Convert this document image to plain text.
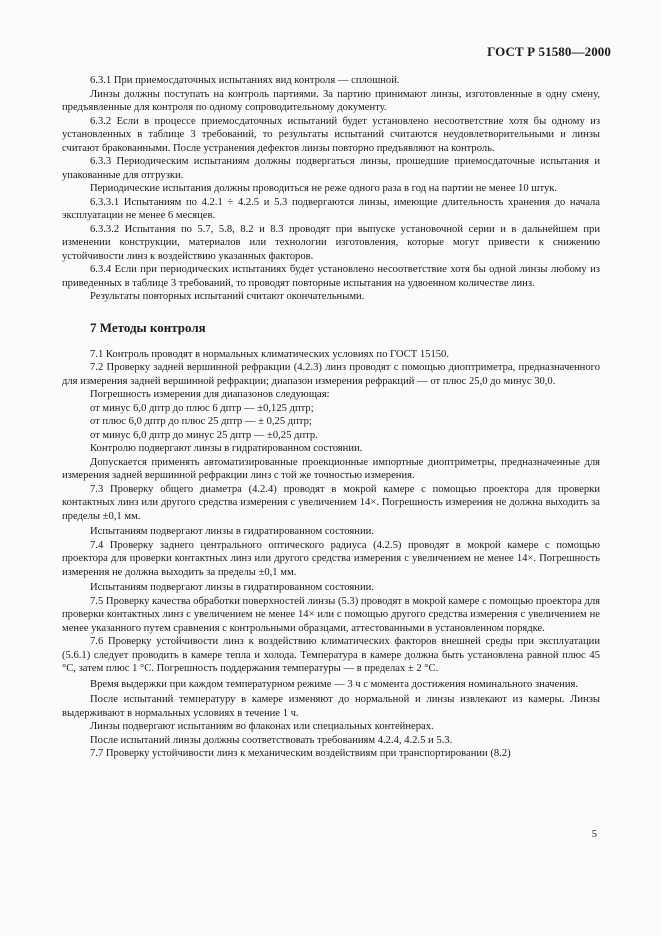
ГОСТ Р 51580—2000

6.3.1 При приемосдаточных испытаниях вид контроля — сплошной.

Линзы должны поступать на контроль партиями. За партию принимают линзы, изготовленные в одну смену, предъявленные для контроля по одному сопроводительному документу.

6.3.2 Если в процессе приемосдаточных испытаний будет установлено несоответствие хотя бы одному из установленных в таблице 3 требований, то результаты испытаний считаются неудовлетворительными и линзы считают бракованными. После устранения дефектов линзы повторно предъявляют на контроль.

6.3.3 Периодическим испытаниям должны подвергаться линзы, прошедшие приемосдаточные испытания и упакованные для отгрузки.

Периодические испытания должны проводиться не реже одного раза в год на партии не менее 10 штук.

6.3.3.1 Испытаниям по 4.2.1 ÷ 4.2.5 и 5.3 подвергаются линзы, имеющие длительность хранения до начала эксплуатации не менее 6 месяцев.

6.3.3.2 Испытания по 5.7, 5.8, 8.2 и 8.3 проводят при выпуске установочной серии и в дальнейшем при изменении конструкции, материалов или технологии изготовления, которые могут привести к снижению устойчивости линз к воздействию указанных факторов.

6.3.4 Если при периодических испытаниях будет установлено несоответствие хотя бы одной линзы любому из приведенных в таблице 3 требований, то проводят повторные испытания на удвоенном количестве линз.

Результаты повторных испытаний считают окончательными.

7 Методы контроля

7.1 Контроль проводят в нормальных климатических условиях по ГОСТ 15150.

7.2 Проверку задней вершинной рефракции (4.2.3) линз проводят с помощью диоптриметра, предназначенного для измерения задней вершинной рефракции; диапазон измерения рефракций — от плюс 25,0 до минус 30,0.

Погрешность измерения для диапазонов следующая:

от минус 6,0 дптр до плюс 6 дптр — ±0,125 дптр;

от плюс 6,0 дптр до плюс 25 дптр — ± 0,25 дптр;

от минус 6,0 дптр до минус 25 дптр — ±0,25 дптр.

Контролю подвергают линзы в гидратированном состоянии.

Допускается применять автоматизированные проекционные импортные диоптриметры, предназначенные для измерения задней вершинной рефракции линз с той же точностью измерения.

7.3 Проверку общего диаметра (4.2.4) проводят в мокрой камере с помощью проектора для проверки контактных линз или другого средства измерения с увеличением 14×. Погрешность измерения не должна выходить за пределы ±0,1 мм.

Испытаниям подвергают линзы в гидратированном состоянии.

7.4 Проверку заднего центрального оптического радиуса (4.2.5) проводят в мокрой камере с помощью проектора для проверки контактных линз или другого средства измерения с увеличением не менее 14×. Погрешность измерения не должна выходить за пределы ±0,1 мм.

Испытаниям подвергают линзы в гидратированном состоянии.

7.5 Проверку качества обработки поверхностей линзы (5.3) проводят в мокрой камере с помощью проектора для проверки контактных линз с увеличением не менее 14× или с помощью другого средства измерения с увеличением не менее указанного путем сравнения с контрольными образцами, аттестованными в установленном порядке.

7.6 Проверку устойчивости линз к воздействию климатических факторов внешней среды при эксплуатации (5.6.1) следует проводить в камере тепла и холода. Температура в камере должна быть установлена равной плюс 45 °С, затем плюс 1 °С. Погрешность поддержания температуры — в пределах ± 2 °С.

Время выдержки при каждом температурном режиме — 3 ч с момента достижения номинального значения.

После испытаний температуру в камере изменяют до нормальной и линзы извлекают из камеры. Линзы выдерживают в нормальных условиях в течение 1 ч.

Линзы подвергают испытаниям во флаконах или специальных контейнерах.

После испытаний линзы должны соответствовать требованиям 4.2.4, 4.2.5 и 5.3.

7.7 Проверку устойчивости линз к механическим воздействиям при транспортировании (8.2)

5
